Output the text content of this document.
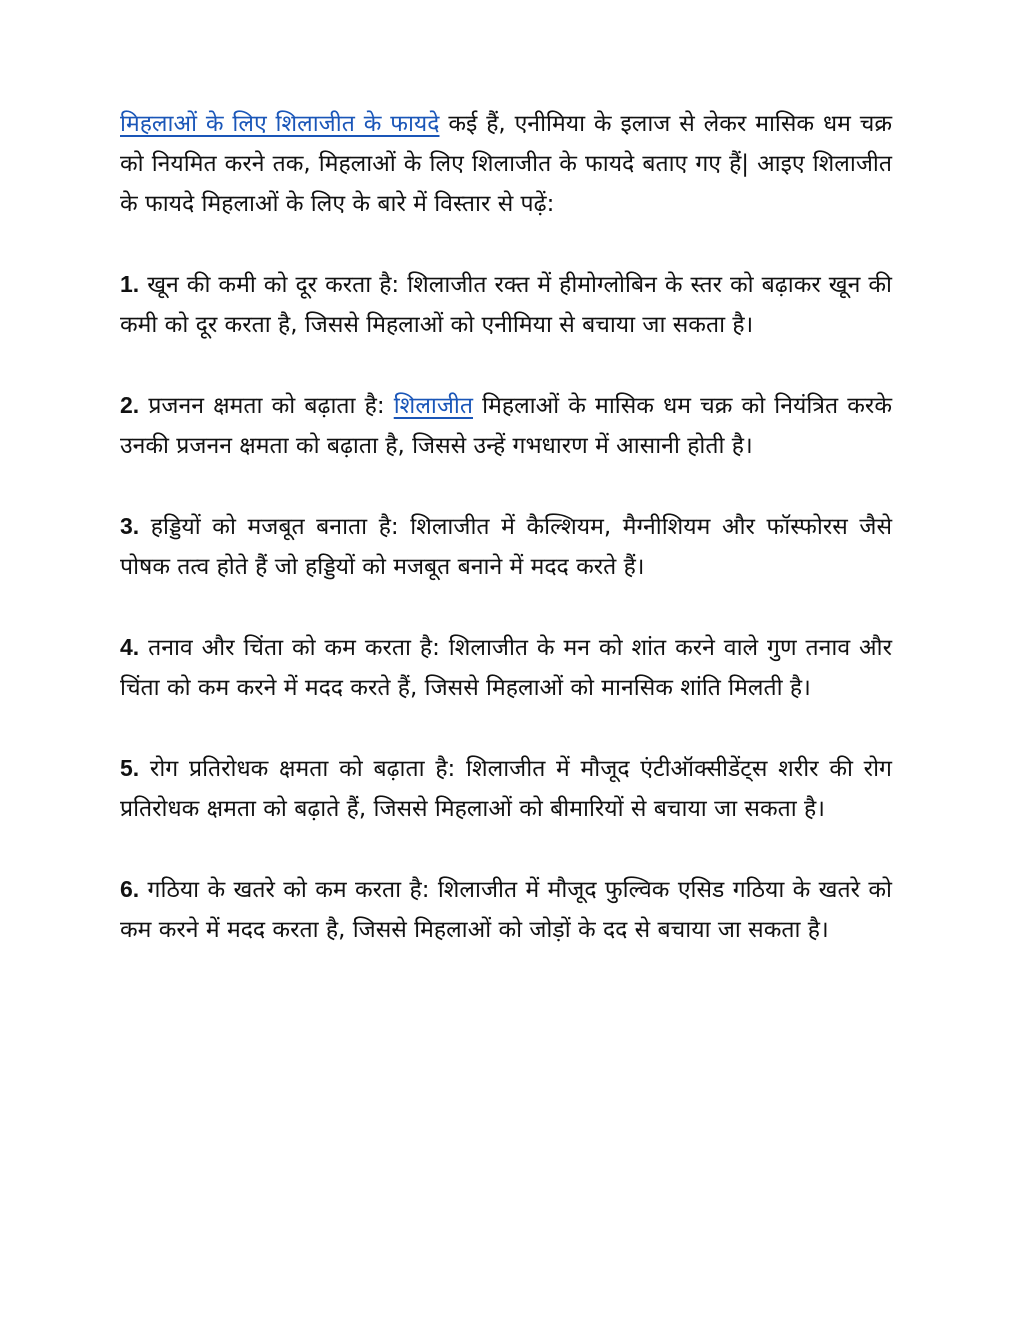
मिहलाओं के लिए शिलाजीत के फायदे कई हैं, एनीमिया के इलाज से लेकर मासिक धम चक्र को नियमित करने तक, मिहलाओं के लिए शिलाजीत के फायदे बताए गए हैं| आइए शिलाजीत के फायदे मिहलाओं के लिए के बारे में विस्तार से पढ़ें:

1. खून की कमी को दूर करता है: शिलाजीत रक्त में हीमोग्लोबिन के स्तर को बढ़ाकर खून की कमी को दूर करता है, जिससे मिहलाओं को एनीमिया से बचाया जा सकता है।

2. प्रजनन क्षमता को बढ़ाता है: शिलाजीत मिहलाओं के मासिक धम चक्र को नियंत्रित करके उनकी प्रजनन क्षमता को बढ़ाता है, जिससे उन्हें गभधारण में आसानी होती है।

3. हड्डियों को मजबूत बनाता है: शिलाजीत में कैल्शियम, मैग्नीशियम और फॉस्फोरस जैसे पोषक तत्व होते हैं जो हड्डियों को मजबूत बनाने में मदद करते हैं।

4. तनाव और चिंता को कम करता है: शिलाजीत के मन को शांत करने वाले गुण तनाव और चिंता को कम करने में मदद करते हैं, जिससे मिहलाओं को मानसिक शांति मिलती है।

5. रोग प्रतिरोधक क्षमता को बढ़ाता है: शिलाजीत में मौजूद एंटीऑक्सीडेंट्स शरीर की रोग प्रतिरोधक क्षमता को बढ़ाते हैं, जिससे मिहलाओं को बीमारियों से बचाया जा सकता है।

6. गठिया के खतरे को कम करता है: शिलाजीत में मौजूद फुल्विक एसिड गठिया के खतरे को कम करने में मदद करता है, जिससे मिहलाओं को जोड़ों के दद से बचाया जा सकता है।
